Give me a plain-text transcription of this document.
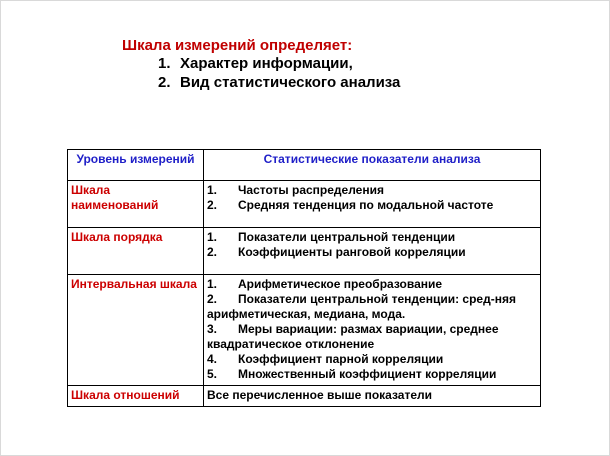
Шкала измерений определяет:
1. Характер информации,
2. Вид статистического анализа
Уровень измерений	Статистические показатели анализа
Шкала наименований	1. Частоты распределения
2. Средняя тенденция по модальной частоте

Шкала порядка	1. Показатели центральной тенденции
2. Коэффициенты ранговой корреляции

Интервальная шкала	1. Арифметическое преобразование
2. Показатели центральной тенденции: сред-няя арифметическая, медиана, мода.
3. Меры вариации: размах вариации, среднее квадратическое отклонение
4. Коэффициент парной корреляции
5. Множественный коэффициент корреляции

Шкала отношений	Все перечисленное выше показатели
